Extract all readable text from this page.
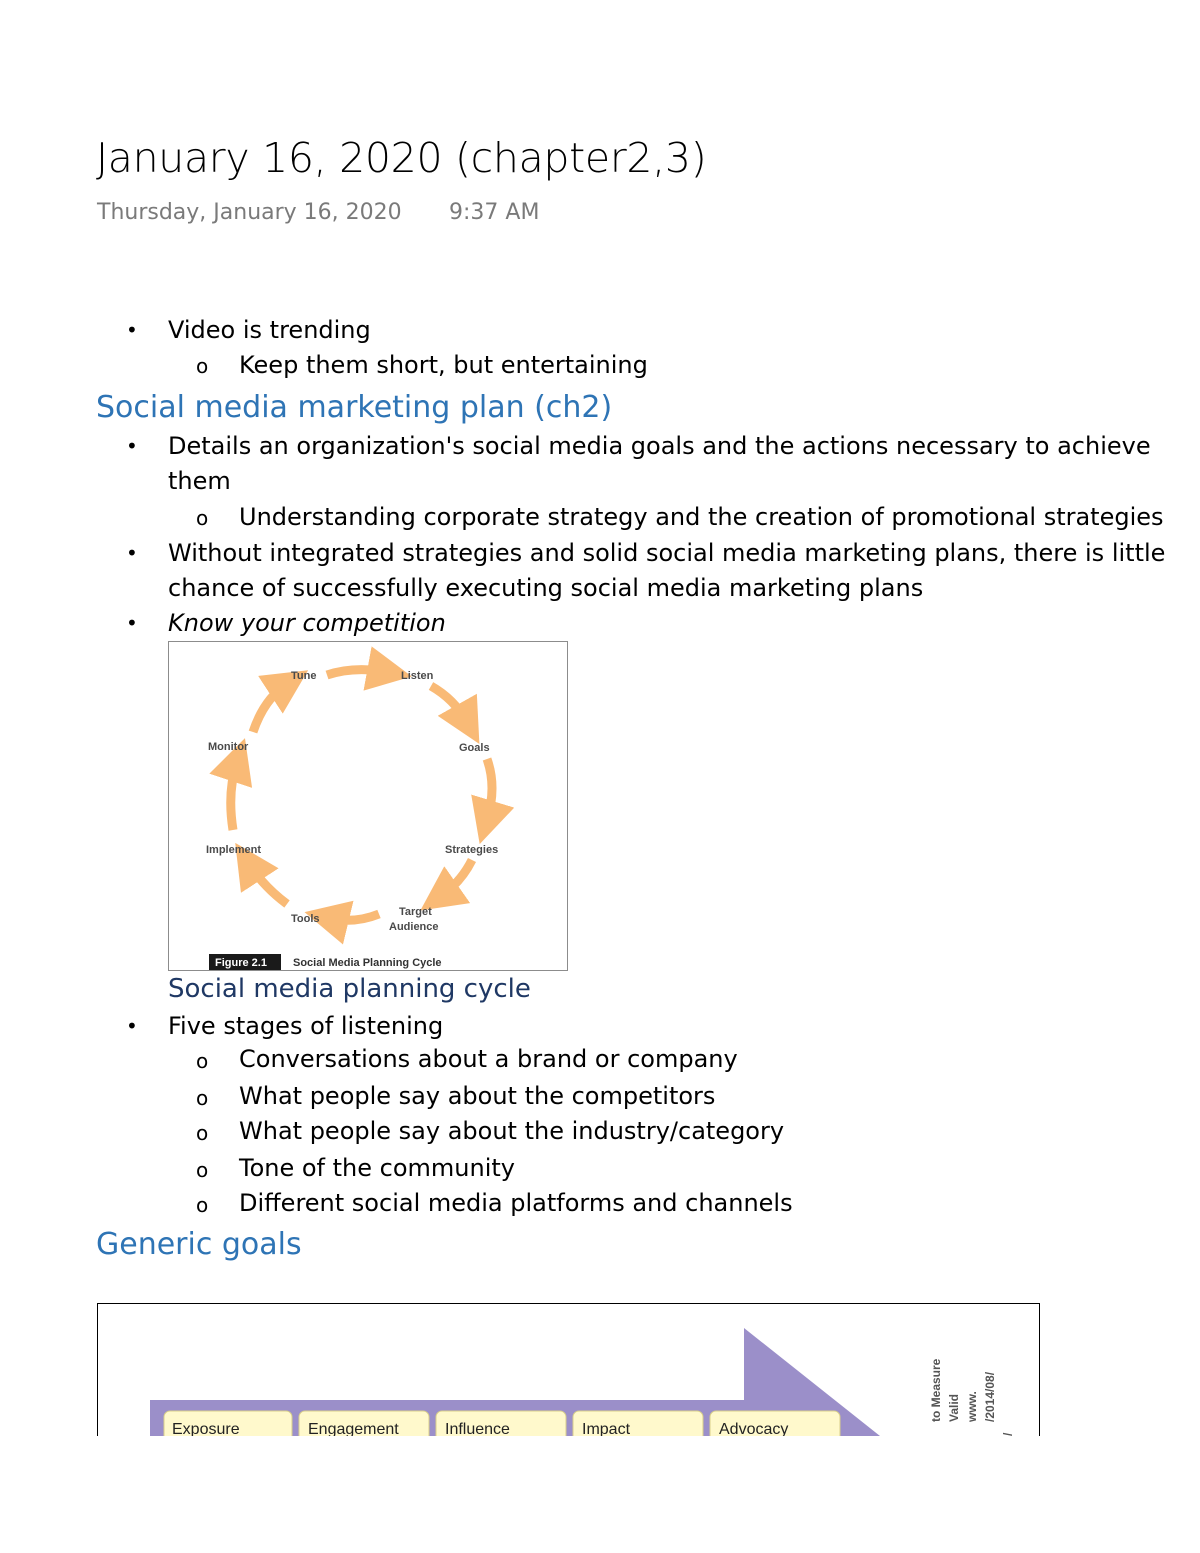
January 16, 2020 (chapter2,3)
Thursday, January 16, 2020 9:37 AM
• Video is trending
o Keep them short, but entertaining
Social media marketing plan (ch2)
• Details an organization's social media goals and the actions necessary to achieve
them
o Understanding corporate strategy and the creation of promotional strategies
• Without integrated strategies and solid social media marketing plans, there is little
chance of successfully executing social media marketing plans
• Know your competition
Tune	Listen
Goals
Strategies
Target
Audience
Tools
Implement
Monitor
Figure 2.1 Social Media Planning Cycle
Social media planning cycle
• Five stages of listening
o Conversations about a brand or company
o What people say about the competitors
o What people say about the industry/category
o Tone of the community
o Different social media platforms and channels
Generic goals
Exposure	Engagement	Influence	Impact	Advocacy
to Measure Valid www. /2014/08/
/
